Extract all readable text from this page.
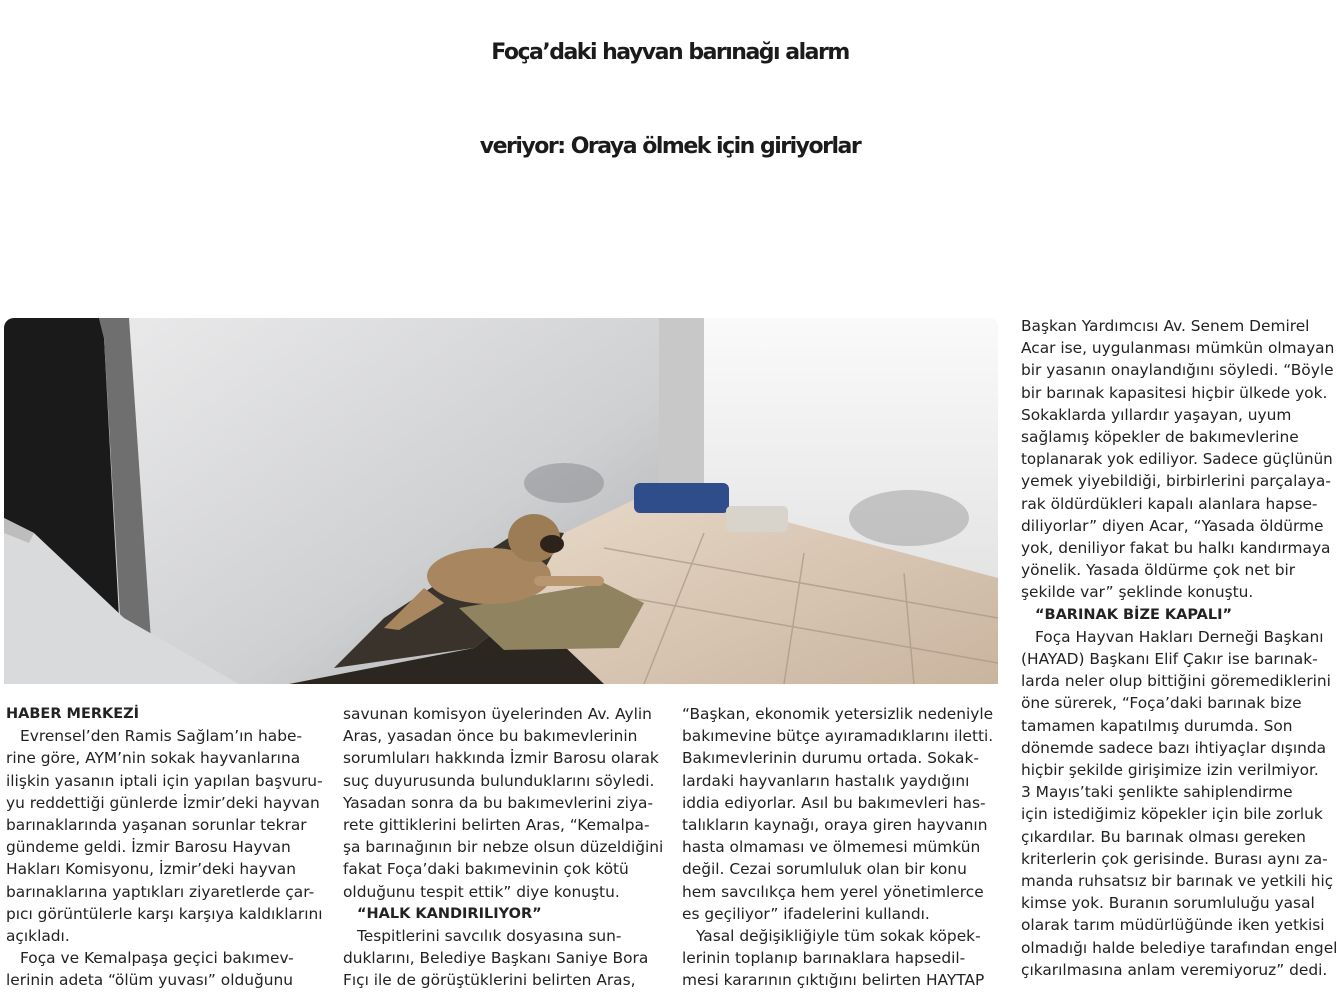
Foça’daki hayvan barınağı alarm
veriyor: Oraya ölmek için giriyorlar
HABER MERKEZİ
Evrensel’den Ramis Sağlam’ın habe-
rine göre, AYM’nin sokak hayvanlarına
ilişkin yasanın iptali için yapılan başvuru-
yu reddettiği günlerde İzmir’deki hayvan
barınaklarında yaşanan sorunlar tekrar
gündeme geldi. İzmir Barosu Hayvan
Hakları Komisyonu, İzmir’deki hayvan
barınaklarına yaptıkları ziyaretlerde çar-
pıcı görüntülerle karşı karşıya kaldıklarını
açıkladı.
Foça ve Kemalpaşa geçici bakımev-
lerinin adeta “ölüm yuvası” olduğunu
savunan komisyon üyelerinden Av. Aylin
Aras, yasadan önce bu bakımevlerinin
sorumluları hakkında İzmir Barosu olarak
suç duyurusunda bulunduklarını söyledi.
Yasadan sonra da bu bakımevlerini ziya-
rete gittiklerini belirten Aras, “Kemalpa-
şa barınağının bir nebze olsun düzeldiğini
fakat Foça’daki bakımevinin çok kötü
olduğunu tespit ettik” diye konuştu.
“HALK KANDIRILIYOR”
Tespitlerini savcılık dosyasına sun-
duklarını, Belediye Başkanı Saniye Bora
Fıçı ile de görüştüklerini belirten Aras,
“Başkan, ekonomik yetersizlik nedeniyle
bakımevine bütçe ayıramadıklarını iletti.
Bakımevlerinin durumu ortada. Sokak-
lardaki hayvanların hastalık yaydığını
iddia ediyorlar. Asıl bu bakımevleri has-
talıkların kaynağı, oraya giren hayvanın
hasta olmaması ve ölmemesi mümkün
değil. Cezai sorumluluk olan bir konu
hem savcılıkça hem yerel yönetimlerce
es geçiliyor” ifadelerini kullandı.
Yasal değişikliğiyle tüm sokak köpek-
lerinin toplanıp barınaklara hapsedil-
mesi kararının çıktığını belirten HAYTAP
Başkan Yardımcısı Av. Senem Demirel
Acar ise, uygulanması mümkün olmayan
bir yasanın onaylandığını söyledi. “Böyle
bir barınak kapasitesi hiçbir ülkede yok.
Sokaklarda yıllardır yaşayan, uyum
sağlamış köpekler de bakımevlerine
toplanarak yok ediliyor. Sadece güçlünün
yemek yiyebildiği, birbirlerini parçalaya-
rak öldürdükleri kapalı alanlara hapse-
diliyorlar” diyen Acar, “Yasada öldürme
yok, deniliyor fakat bu halkı kandırmaya
yönelik. Yasada öldürme çok net bir
şekilde var” şeklinde konuştu.
“BARINAK BİZE KAPALI”
Foça Hayvan Hakları Derneği Başkanı
(HAYAD) Başkanı Elif Çakır ise barınak-
larda neler olup bittiğini göremediklerini
öne sürerek, “Foça’daki barınak bize
tamamen kapatılmış durumda. Son
dönemde sadece bazı ihtiyaçlar dışında
hiçbir şekilde girişimize izin verilmiyor.
3 Mayıs’taki şenlikte sahiplendirme
için istediğimiz köpekler için bile zorluk
çıkardılar. Bu barınak olması gereken
kriterlerin çok gerisinde. Burası aynı za-
manda ruhsatsız bir barınak ve yetkili hiç
kimse yok. Buranın sorumluluğu yasal
olarak tarım müdürlüğünde iken yetkisi
olmadığı halde belediye tarafından engel
çıkarılmasına anlam veremiyoruz” dedi.
